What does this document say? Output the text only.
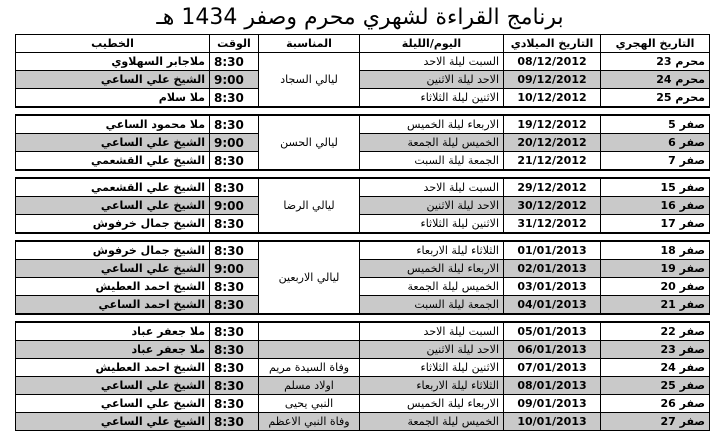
برنامج القراءة لشهري محرم وصفر 1434 هـ
التاريخ الهجري	التاريخ الميلادي	اليوم/الليلة	المناسبة	الوقت	الخطيب
محرم 23	08/12/2012	السبت ليلة الاحد	ليالي السجاد	8:30	ملاجابر السهلاوي
محرم 24	09/12/2012	الاحد ليلة الاثنين		9:00	الشيخ علي الساعي
محرم 25	10/12/2012	الاثنين ليلة الثلاثاء		8:30	ملا سلام

صفر 5	19/12/2012	الاربعاء ليلة الخميس	ليالي الحسن	8:30	ملا محمود الساعي
صفر 6	20/12/2012	الخميس ليلة الجمعة		9:00	الشيخ علي الساعي
صفر 7	21/12/2012	الجمعة ليلة السبت		8:30	الشيخ علي القشعمي

صفر 15	29/12/2012	السبت ليلة الاحد	ليالي الرضا	8:30	الشيخ علي القشعمي
صفر 16	30/12/2012	الاحد ليلة الاثنين		9:00	الشيخ علي الساعي
صفر 17	31/12/2012	الاثنين ليلة الثلاثاء		8:30	الشيخ جمال خرفوش

صفر 18	01/01/2013	الثلاثاء ليلة الاربعاء	ليالي الاربعين	8:30	الشيخ جمال خرفوش
صفر 19	02/01/2013	الاربعاء ليلة الخميس		9:00	الشيخ علي الساعي
صفر 20	03/01/2013	الخميس ليلة الجمعة		8:30	الشيخ احمد العطيش
صفر 21	04/01/2013	الجمعة ليلة السبت		8:30	الشيخ احمد الساعي

صفر 22	05/01/2013	السبت ليلة الاحد		8:30	ملا جعفر عباد
صفر 23	06/01/2013	الاحد ليلة الاثنين		8:30	ملا جعفر عباد
صفر 24	07/01/2013	الاثنين ليلة الثلاثاء	وفاة السيدة مريم	8:30	الشيخ احمد العطيش
صفر 25	08/01/2013	الثلاثاء ليلة الاربعاء	اولاد مسلم	8:30	الشيخ علي الساعي
صفر 26	09/01/2013	الاربعاء ليلة الخميس	النبي يحيى	8:30	الشيخ علي الساعي
صفر 27	10/01/2013	الخميس ليلة الجمعة	وفاة النبي الاعظم	8:30	الشيخ علي الساعي
